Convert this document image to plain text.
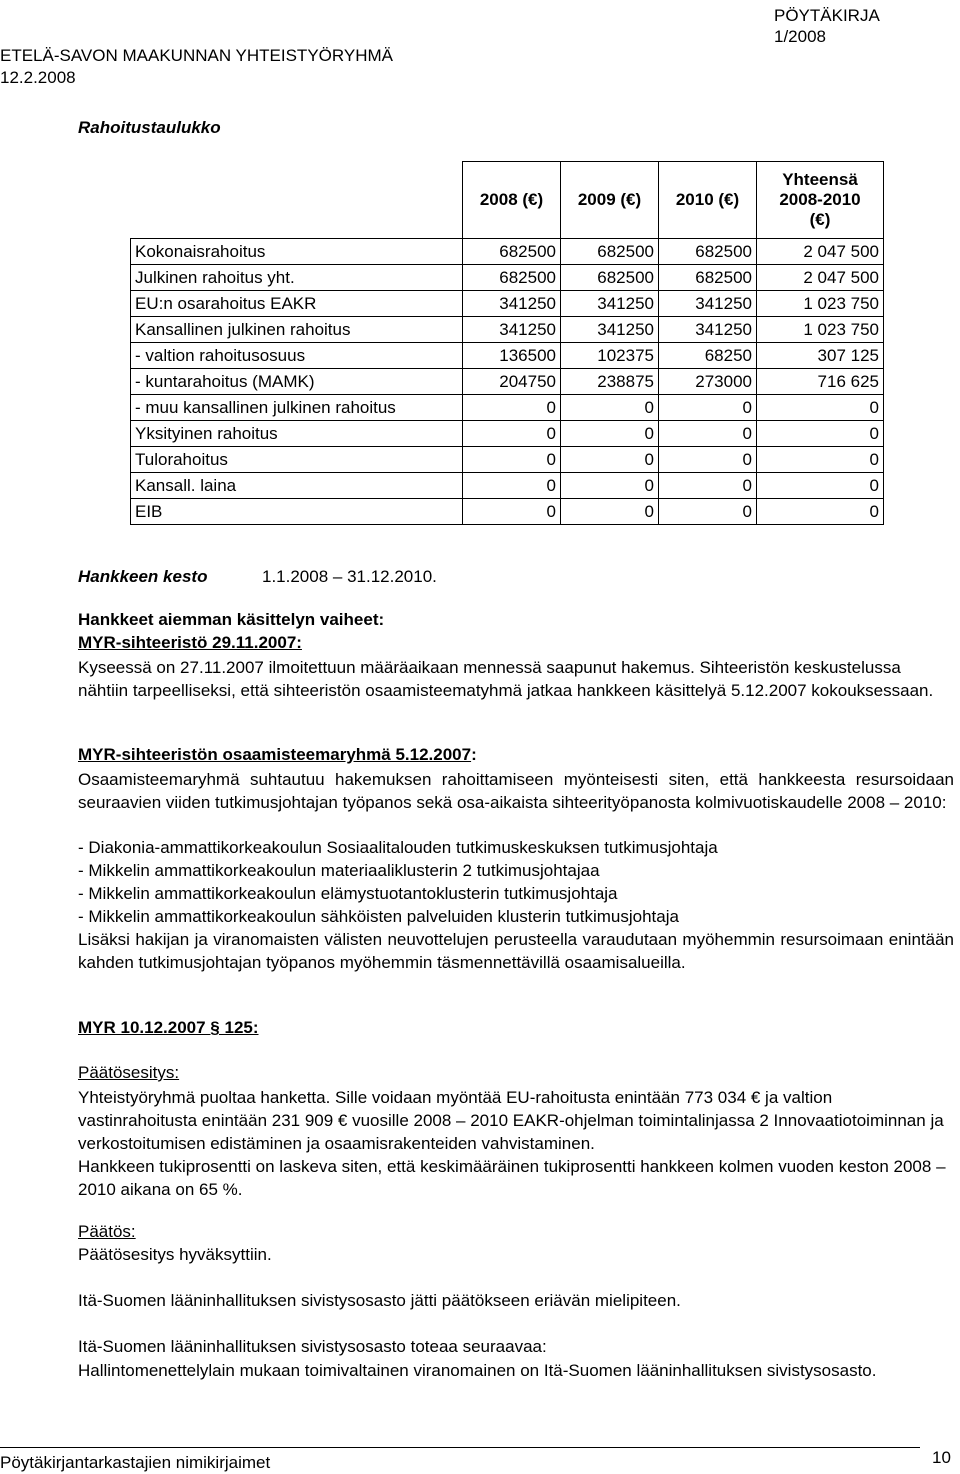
ETELÄ-SAVON MAAKUNNAN YHTEISTYÖRYHMÄ
12.2.2008
PÖYTÄKIRJA
1/2008
Rahoitustaulukko
	2008 (€)	2009 (€)	2010 (€)	Yhteensä
2008-2010
(€)

Kokonaisrahoitus	682500	682500	682500	2 047 500
Julkinen rahoitus yht.	682500	682500	682500	2 047 500
EU:n osarahoitus EAKR	341250	341250	341250	1 023 750
Kansallinen julkinen rahoitus	341250	341250	341250	1 023 750
- valtion rahoitusosuus	136500	102375	68250	307 125
- kuntarahoitus (MAMK)	204750	238875	273000	716 625
- muu kansallinen julkinen rahoitus	0	0	0	0
Yksityinen rahoitus	0	0	0	0
Tulorahoitus	0	0	0	0
Kansall. laina	0	0	0	0
EIB	0	0	0	0
Hankkeen kesto	1.1.2008 – 31.12.2010.
Hankkeet aiemman käsittelyn vaiheet:
MYR-sihteeristö 29.11.2007:
Kyseessä on 27.11.2007 ilmoitettuun määräaikaan mennessä saapunut hakemus. Sihteeristön keskustelussa nähtiin tarpeelliseksi, että sihteeristön osaamisteematyhmä jatkaa hankkeen käsittelyä 5.12.2007 kokouksessaan.
MYR-sihteeristön osaamisteemaryhmä 5.12.2007:
Osaamisteemaryhmä suhtautuu hakemuksen rahoittamiseen myönteisesti siten, että hankkeesta resursoidaan seuraavien viiden tutkimusjohtajan työpanos sekä osa-aikaista sihteerityöpanosta kolmivuotiskaudelle 2008 – 2010:
- Diakonia-ammattikorkeakoulun Sosiaalitalouden tutkimuskeskuksen tutkimusjohtaja
- Mikkelin ammattikorkeakoulun materiaaliklusterin 2 tutkimusjohtajaa
- Mikkelin ammattikorkeakoulun elämystuotantoklusterin tutkimusjohtaja
- Mikkelin ammattikorkeakoulun sähköisten palveluiden klusterin tutkimusjohtaja
Lisäksi hakijan ja viranomaisten välisten neuvottelujen perusteella varaudutaan myöhemmin resursoimaan enintään kahden tutkimusjohtajan työpanos myöhemmin täsmennettävillä osaamisalueilla.
MYR 10.12.2007 § 125:
Päätösesitys:
Yhteistyöryhmä puoltaa hanketta. Sille voidaan myöntää EU-rahoitusta enintään 773 034 € ja valtion vastinrahoitusta enintään 231 909 € vuosille 2008 – 2010 EAKR-ohjelman toimintalinjassa 2 Innovaatiotoiminnan ja verkostoitumisen edistäminen ja osaamisrakenteiden vahvistaminen.
Hankkeen tukiprosentti on laskeva siten, että keskimääräinen tukiprosentti hankkeen kolmen vuoden keston 2008 – 2010 aikana on 65 %.
Päätös:
Päätösesitys hyväksyttiin.
Itä-Suomen lääninhallituksen sivistysosasto jätti päätökseen eriävän mielipiteen.
Itä-Suomen lääninhallituksen sivistysosasto toteaa seuraavaa:
Hallintomenettelylain mukaan toimivaltainen viranomainen on Itä-Suomen lääninhallituksen sivistysosasto.
Pöytäkirjantarkastajien nimikirjaimet	10
